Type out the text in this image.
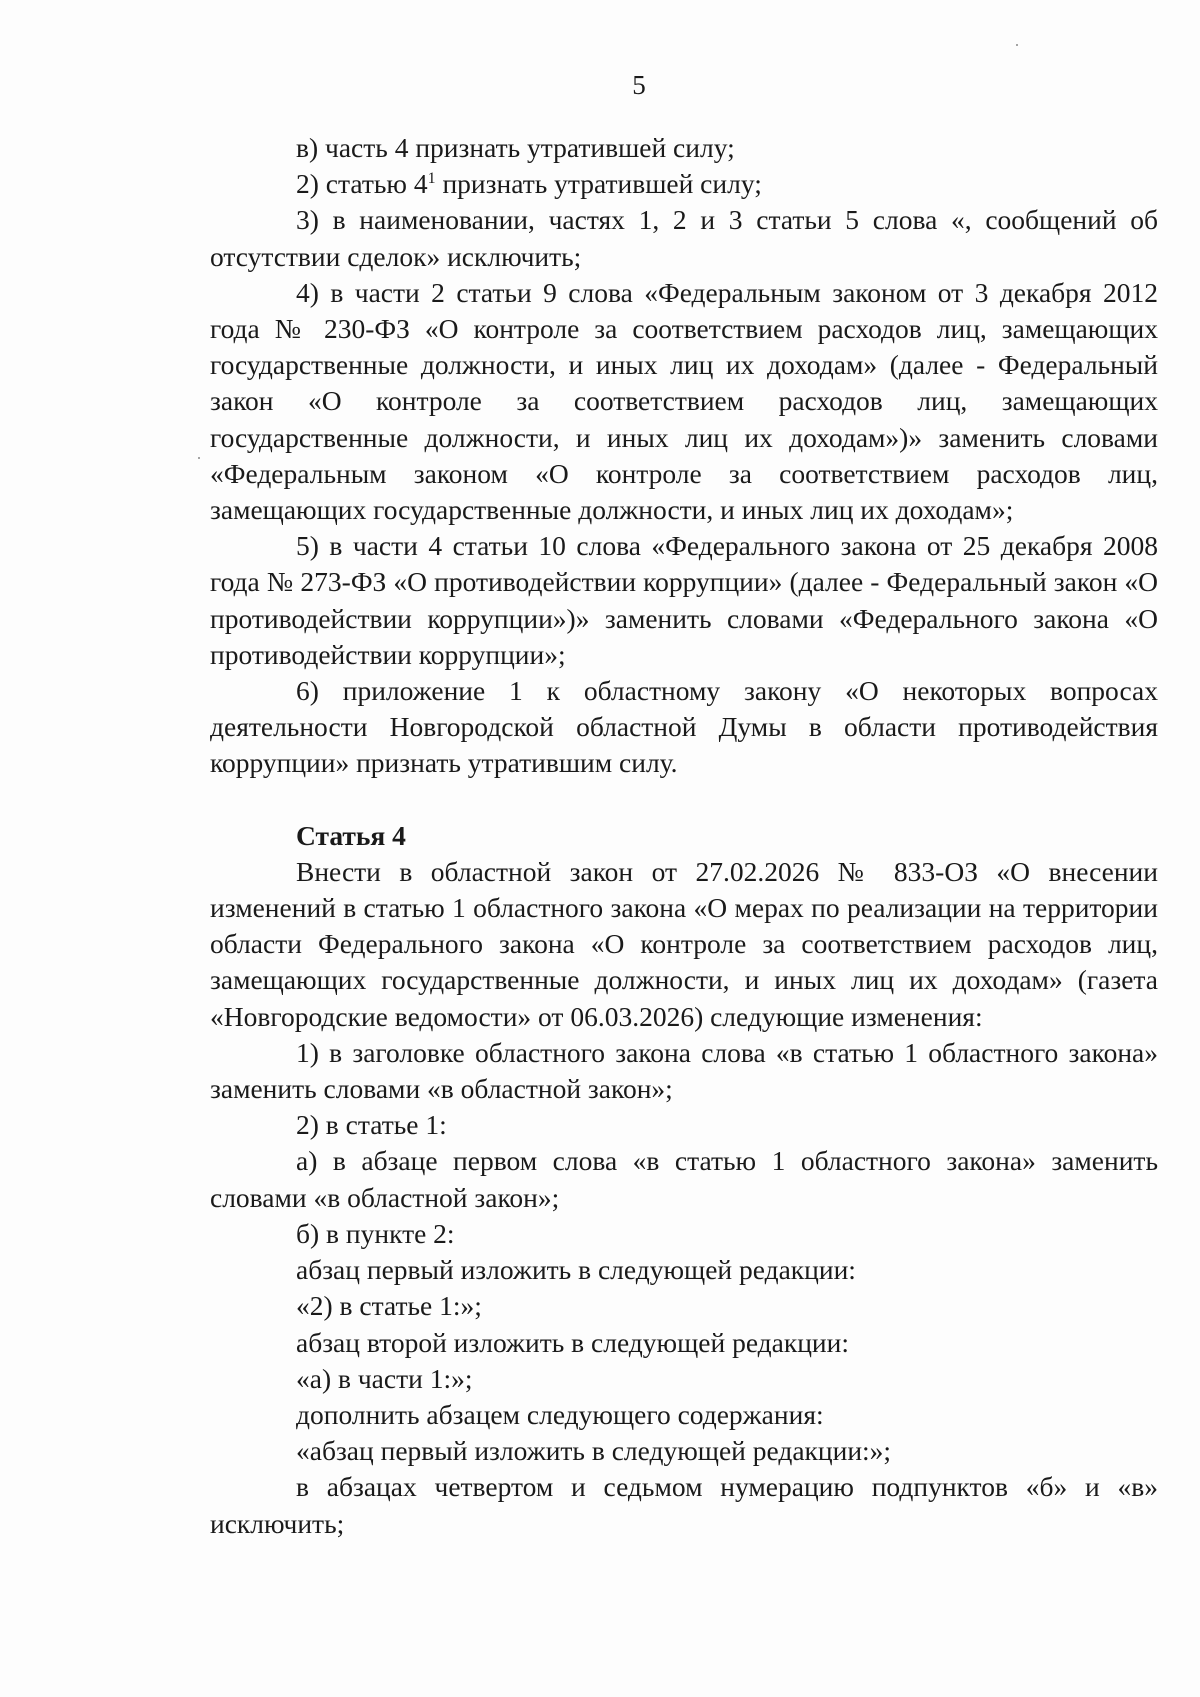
5

в) часть 4 признать утратившей силу;

2) статью $4^1$ признать утратившей силу;

3) в наименовании, частях 1, 2 и 3 статьи 5 слова «, сообщений об отсутствии сделок» исключить;

4) в части 2 статьи 9 слова «Федеральным законом от 3 декабря 2012 года № 230-ФЗ «О контроле за соответствием расходов лиц, замещающих государственные должности, и иных лиц их доходам» (далее - Федеральный закон «О контроле за соответствием расходов лиц, замещающих государственные должности, и иных лиц их доходам»)» заменить словами «Федеральным законом «О контроле за соответствием расходов лиц, замещающих государственные должности, и иных лиц их доходам»;

5) в части 4 статьи 10 слова «Федерального закона от 25 декабря 2008 года № 273-ФЗ «О противодействии коррупции» (далее - Федеральный закон «О противодействии коррупции»)» заменить словами «Федерального закона «О противодействии коррупции»;

6) приложение 1 к областному закону «О некоторых вопросах деятельности Новгородской областной Думы в области противодействия коррупции» признать утратившим силу.

Статья 4

Внести в областной закон от 27.02.2026 № 833-ОЗ «О внесении изменений в статью 1 областного закона «О мерах по реализации на территории области Федерального закона «О контроле за соответствием расходов лиц, замещающих государственные должности, и иных лиц их доходам» (газета «Новгородские ведомости» от 06.03.2026) следующие изменения:

1) в заголовке областного закона слова «в статью 1 областного закона» заменить словами «в областной закон»;

2) в статье 1:

а) в абзаце первом слова «в статью 1 областного закона» заменить словами «в областной закон»;

б) в пункте 2:

абзац первый изложить в следующей редакции:

«2) в статье 1:»;

абзац второй изложить в следующей редакции:

«а) в части 1:»;

дополнить абзацем следующего содержания:

«абзац первый изложить в следующей редакции:»;

в абзацах четвертом и седьмом нумерацию подпунктов «б» и «в» исключить;
